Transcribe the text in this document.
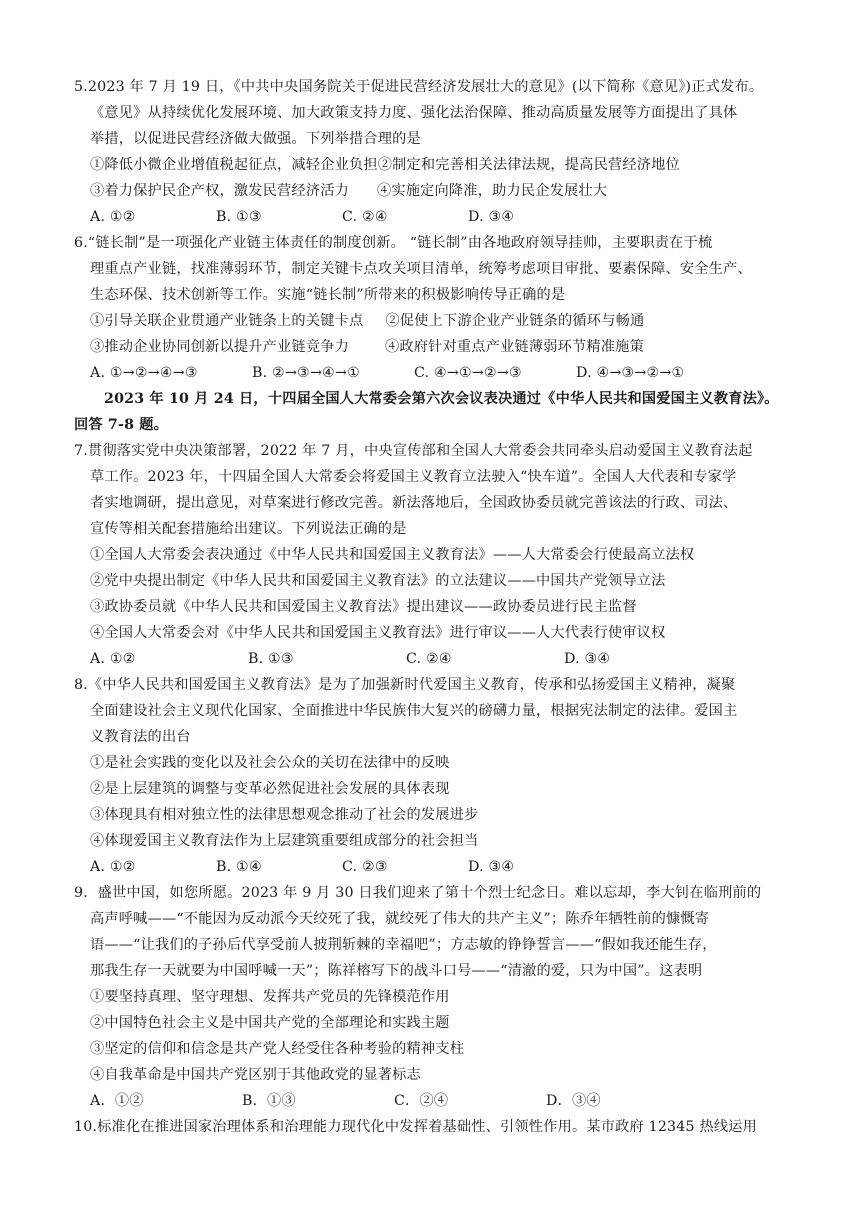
5.2023 年 7 月 19 日，《中共中央国务院关于促进民营经济发展壮大的意见》(以下简称《意见》)正式发布。
《意见》从持续优化发展环境、加大政策支持力度、强化法治保障、推动高质量发展等方面提出了具体
举措，以促进民营经济做大做强。下列举措合理的是
①降低小微企业增值税起征点，减轻企业负担②制定和完善相关法律法规，提高民营经济地位
③着力保护民企产权，激发民营经济活力 ④实施定向降准，助力民企发展壮大
A. ①②	B. ①③	C. ②④	D. ③④
6.“链长制”是一项强化产业链主体责任的制度创新。 “链长制”由各地政府领导挂帅，主要职责在于梳
理重点产业链，找准薄弱环节，制定关键卡点攻关项目清单，统筹考虑项目审批、要素保障、安全生产、
生态环保、技术创新等工作。实施“链长制”所带来的积极影响传导正确的是
①引导关联企业贯通产业链条上的关键卡点 ②促使上下游企业产业链条的循环与畅通
③推动企业协同创新以提升产业链竞争力	④政府针对重点产业链薄弱环节精准施策
A. ①→②→④→③	B. ②→③→④→①	C. ④→①→②→③	D. ④→③→②→①
2023 年 10 月 24 日，十四届全国人大常委会第六次会议表决通过《中华人民共和国爱国主义教育法》。
回答 7-8 题。
7.贯彻落实党中央决策部署，2022 年 7 月，中央宣传部和全国人大常委会共同牵头启动爱国主义教育法起
草工作。2023 年，十四届全国人大常委会将爱国主义教育立法驶入“快车道”。全国人大代表和专家学
者实地调研，提出意见，对草案进行修改完善。新法落地后，全国政协委员就完善该法的行政、司法、
宣传等相关配套措施给出建议。下列说法正确的是
①全国人大常委会表决通过《中华人民共和国爱国主义教育法》——人大常委会行使最高立法权
②党中央提出制定《中华人民共和国爱国主义教育法》的立法建议——中国共产党领导立法
③政协委员就《中华人民共和国爱国主义教育法》提出建议——政协委员进行民主监督
④全国人大常委会对《中华人民共和国爱国主义教育法》进行审议——人大代表行使审议权
A. ①②	B. ①③	C. ②④	D. ③④
8.《中华人民共和国爱国主义教育法》是为了加强新时代爱国主义教育，传承和弘扬爱国主义精神，凝聚
全面建设社会主义现代化国家、全面推进中华民族伟大复兴的磅礴力量，根据宪法制定的法律。爱国主
义教育法的出台
①是社会实践的变化以及社会公众的关切在法律中的反映
②是上层建筑的调整与变革必然促进社会发展的具体表现
③体现具有相对独立性的法律思想观念推动了社会的发展进步
④体现爱国主义教育法作为上层建筑重要组成部分的社会担当
A. ①②	B. ①④	C. ②③	D. ③④
9．盛世中国，如您所愿。2023 年 9 月 30 日我们迎来了第十个烈士纪念日。难以忘却，李大钊在临刑前的
高声呼喊——“不能因为反动派今天绞死了我，就绞死了伟大的共产主义”；陈乔年牺牲前的慷慨寄
语——“让我们的子孙后代享受前人披荆斩棘的幸福吧”；方志敏的铮铮誓言——“假如我还能生存，
那我生存一天就要为中国呼喊一天”；陈祥榕写下的战斗口号——“清澈的爱，只为中国”。这表明
①要坚持真理、坚守理想、发挥共产党员的先锋模范作用
②中国特色社会主义是中国共产党的全部理论和实践主题
③坚定的信仰和信念是共产党人经受住各种考验的精神支柱
④自我革命是中国共产党区别于其他政党的显著标志
A．①②	B．①③	C．②④	D．③④
10.标准化在推进国家治理体系和治理能力现代化中发挥着基础性、引领性作用。某市政府 12345 热线运用
